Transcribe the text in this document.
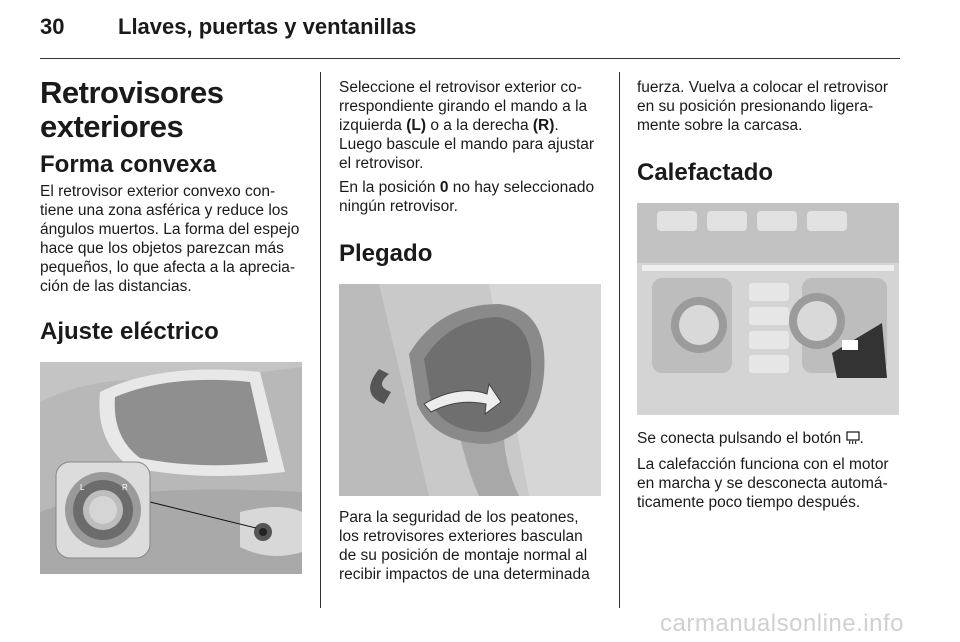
30 Llaves, puertas y ventanillas
Retrovisores exteriores
Forma convexa
El retrovisor exterior convexo contiene una zona asférica y reduce los ángulos muertos. La forma del espejo hace que los objetos parezcan más pequeños, lo que afecta a la apreciación de las distancias.
Ajuste eléctrico
L	R
Seleccione el retrovisor exterior correspondiente girando el mando a la izquierda (L) o a la derecha (R). Luego bascule el mando para ajustar el retrovisor.
En la posición 0 no hay seleccionado ningún retrovisor.
Plegado
Para la seguridad de los peatones, los retrovisores exteriores basculan de su posición de montaje normal al recibir impactos de una determinada
fuerza. Vuelva a colocar el retrovisor en su posición presionando ligeramente sobre la carcasa.
Calefactado
Se conecta pulsando el botón .
La calefacción funciona con el motor en marcha y se desconecta automáticamente poco tiempo después.
carmanualsonline.info
